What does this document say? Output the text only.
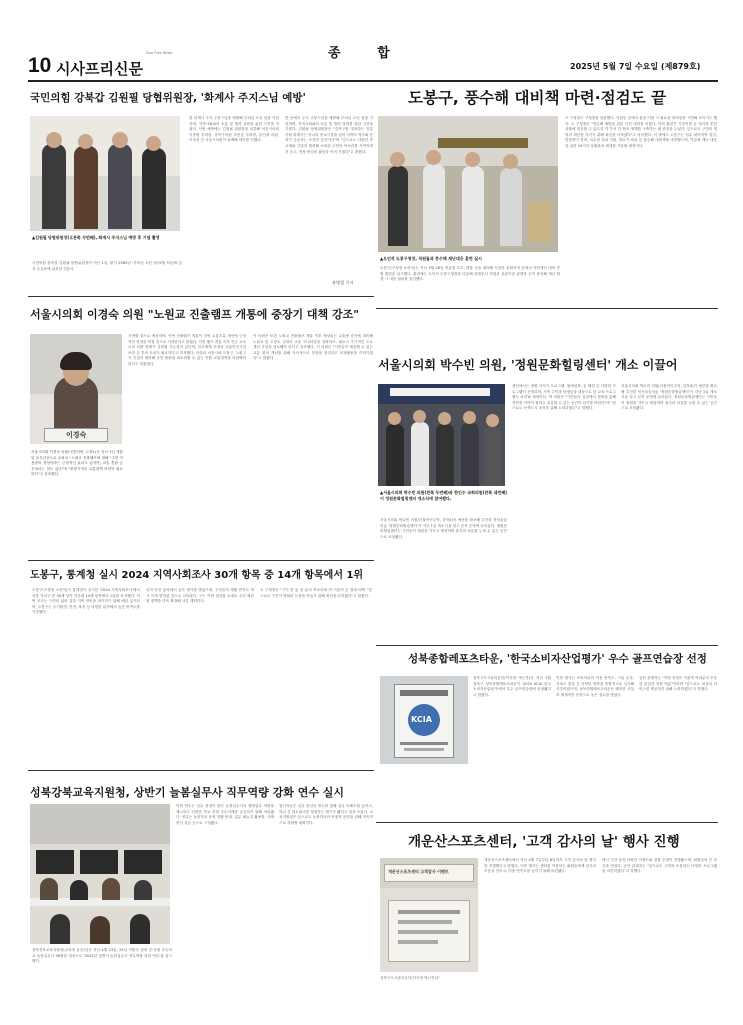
10 시사프리신문
Sisa Free News	종 합
2025년 5월 7일 수요일 (제879호)
국민의힘 강북갑 김원필 당협위원장, '화계사 주지스님 예방'
▲김원필 당협위원장(오른쪽 두번째), 화계사 주지스님 예방 후 기념 촬영
국민의힘 강북갑 김원필 당협위원장이 지난 1일, 불기 2569년 '부처님 오신 날'(5월 5일)에 앞서 수유동에 위치한 전통사
찰 화계사 주지 주봉스님을 예방해 부처님 오신 날을 기념하며, 지역사회와의 소통 및 협력 강화를 위한 시간을 가졌다. 이번 예방에는 김원필 위원장을 비롯해 서울시의원 이종환 부의장, 강북구의원 조용상 부의장, 유인애 의원, 이상선 전 서울시의원이 함께해 의미를 더했다.
방 동에서 주지 주봉스님을 예방해 부처님 오신 날을 기념하며, 지역사회와의 소통 및 협력 강화를 위한 시간을 가졌다. 김원필 당협위원장은 "강북구를 대표하는 전통사찰 화계사는 하나의 종교시설을 넘어 지역의 역사와 문화가 공존하는 소중한 공간이다"며 "앞으로도 다양한 종교계와 긴밀히 협력해 소외된 주민의 목소리를 가까이에서 듣고, 현장 중심의 활동을 이어 가겠다"고 밝혔다.
유병철 기자
도봉구, 풍수해 대비책 마련·점검도 끝
▲오언석 도봉구청장, 직원들과 풍수해 재난대응 훈련 실시
도봉구(구청장 오언석)는 지난 4월 28일 여름철 호우, 태풍 등을 대비해 도봉한 문화지역 앞에서 자연재난 대비 종합 훈련을 실시했다. 훈련에는 오언석 도봉구청장을 비롯해 관계부서 직원과 유관기관 관계자 등이 참석해 재난 발생 시 대응 절차를 점검했다.
오 구청장도 구청장을 참관했다. 직원들 앞에서 물을 이용 시 필요한 대처법을 시연해 보이기도 했다. 오 구청장은 "풍수해 예방을 위한 사전 대비를 마쳤다. 이번 훈련은 기상이변 등 예기치 못한 상황에 대응할 수 있도록 각 부서 간 협조 체계를 구축하는 데 중점을 두었다. 앞으로도 구민의 생명과 재산을 지키기 위해 최선을 다하겠다"고 당부했다. 이 밖에도 도봉구는 침수 취약지역 점검, 빗물받이 정비, 차수판 설치 지원, 양수기 비치 등 풍수해 대비책을 마련했으며, 여름철 재난 대응을 위한 24시간 상황관리 체계를 가동할 예정이다.
서울시의회 이경숙 의원 "노원교 진출램프 개통에 중장기 대책 강조"
이경숙
서울시의회 이경숙 의원(국민의힘, 도봉1)은 지난 1일 개통된 동부간선도로 수락교~노원교 진출램프에 대해 "주민 이용편의 향상이라는 긍정적인 효과도 있지만, 교통 혼잡 등 우려되는 점도 있다"며 "중장기적인 교통대책 마련이 필요하다"고 강조했다.
기여할 것으로 예상하며, 이번 진출램프 개통이 지역 교통흐름 개선에 긍정적인 영향을 미칠 것으로 기대한다고 밝혔다. 다만 램프 개통 이후 인근 교차로의 차량 정체가 심화될 가능성이 있다며, 신호체계 조정과 교통안전시설 보강 등 후속 조치가 필요하다고 지적했다. 아울러 서울시와 도봉구, 노원구가 긴밀히 협력해 주민 불편을 최소화할 수 있는 종합 교통대책을 마련해야 한다고 덧붙였다.
이 의원은 또한 노원교 진출램프 개통 이후 예상되는 교통량 증가에 대비해 노원교 및 도봉로 일대의 교통 모니터링을 강화하고, 필요시 추가적인 도로 개선 사업을 검토해야 한다고 강조했다. 이 의원은 "시민들이 체감할 수 있는 교통 편의 개선을 위해 지속적으로 현장을 점검하고 의정활동을 이어가겠다"고 밝혔다.	서울시의회 박수빈 의원, '정원문화힐링센터' 개소 이끌어
▲서울시의회 박수빈 의원(왼쪽 두번째)와 한인수 국회의원(왼쪽 네번째)이 정원문화힐링센터 개소식에 참여했다.
서울시의회 박수빈 의원(더불어민주당, 강북4)이 예산을 확보해 추진한 북서울꿈의숲 '정원문화힐링센터'가 지난 1일 개소식을 열고 본격 운영에 들어갔다. 정원문화힐링센터는 시민들이 정원을 가꾸고 체험하며 휴식과 치유를 누릴 수 있는 공간으로 조성됐다.
센터에서는 정원 가꾸기 프로그램, 원예치료, 숲 해설 등 다양한 프로그램이 운영되며, 지역 주민과 학생들을 대상으로 한 교육 프로그램도 마련될 예정이다. 박 의원은 "시민들이 일상에서 정원을 통해 자연을 가까이 접하고 치유할 수 있는 공간이 되기를 바란다"며 "앞으로도 녹색도시 조성을 위해 노력하겠다"고 말했다.
서울시의회 박수빈 의원(더불어민주당, 강북4)이 예산을 확보해 추진한 북서울꿈의숲 '정원문화힐링센터'가 지난 1일 개소식을 열고 본격 운영에 들어갔다. 정원문화힐링센터는 시민들이 정원을 가꾸고 체험하며 휴식과 치유를 누릴 수 있는 공간으로 조성됐다.
도봉구, 통계청 실시 2024 지역사회조사 30개 항목 중 14개 항목에서 1위
도봉구(구청장 오언석)가 통계청이 실시한 '2024 지역사회조사'에서 서울 자치구 중 30개 항목 가운데 14개 항목에서 1위를 차지했다. 이번 조사는 구민의 삶의 질과 지역 현안을 파악하기 위해 매년 실시되며, 도봉구는 주거환경, 안전, 복지 등 다양한 분야에서 높은 만족도를 기록했다.
특히 안전 분야에서 높은 평가를 받았으며, 주민들의 생활 만족도 역시 크게 향상된 것으로 나타났다. 구는 이번 결과를 토대로 주민 체감형 정책을 더욱 확대해 나갈 계획이다.
오 구청장은 "구민 한 분 한 분의 목소리에 귀 기울여 온 결과"라며 "앞으로도 구민이 행복한 도봉을 만들기 위해 최선을 다하겠다"고 밝혔다.
성북종합레포츠타운, '한국소비자산업평가' 우수 골프연습장 선정
KCIA
성북구도시관리공단(이사장 박근종)은 지난 2월 성북구 성북종합레포츠타운이 '2025 KCIA 한국소비자산업평가'에서 우수 골프연습장에 선정됐다고 밝혔다.
이번 평가는 소비자들의 이용 만족도, 시설 수준, 서비스 품질 등 다양한 항목을 종합적으로 심사해 이루어졌으며, 성북종합레포츠타운은 쾌적한 시설과 체계적인 운영으로 높은 점수를 받았다.
공단 관계자는 "이번 선정은 이용객 여러분의 꾸준한 관심과 성원 덕분"이라며 "앞으로도 최상의 서비스를 제공하기 위해 노력하겠다"고 말했다.
성북강북교육지원청, 상반기 늘봄실무사 직무역량 강화 연수 실시
성북강북교육지원청(교육장 윤승인)은 지난 4월 23일, 24일 이틀간 관내 공·사립 초등학교 늘봄실무사 36명을 대상으로 '2025년 상반기 늘봄실무사 직무역량 강화 연수'를 실시했다.
이번 연수는 실무 경험이 많은 늘봄실무사의 행정업무 역량을 제고하고 다양한 학교 현장 우수사례를 공유하기 위해 마련됐다. 연수는 늘봄학교 운영 현황 안내, 업무 매뉴얼 활용법, 사례 중심 실습 등으로 구성됐다.
참가자들은 실무 중심의 연수를 통해 업무 이해도를 높이고, 학교 간 네트워크를 형성하는 계기가 됐다고 입을 모았다. 교육지원청은 앞으로도 늘봄학교의 안정적 운영을 위해 지속적으로 지원할 계획이다.
개운산스포츠센터, '고객 감사의 날' 행사 진행
개운산스포츠센터 고객감사 이벤트
성북구도시관리공단(이사장 박근종)은
개운산스포츠센터에서 지난 4월 7일부터 8일까지 고객 감사의 날 행사를 진행했다고 밝혔다. 이번 행사는 센터를 이용하는 회원들에게 감사의 마음을 전하고, 이용 만족도를 높이기 위해 마련됐다.
행사 기간 동안 다양한 이벤트와 경품 추첨이 진행됐으며, 회원들의 큰 호응을 얻었다. 공단 관계자는 "앞으로도 고객과 소통하는 다양한 프로그램을 마련하겠다"고 말했다.
